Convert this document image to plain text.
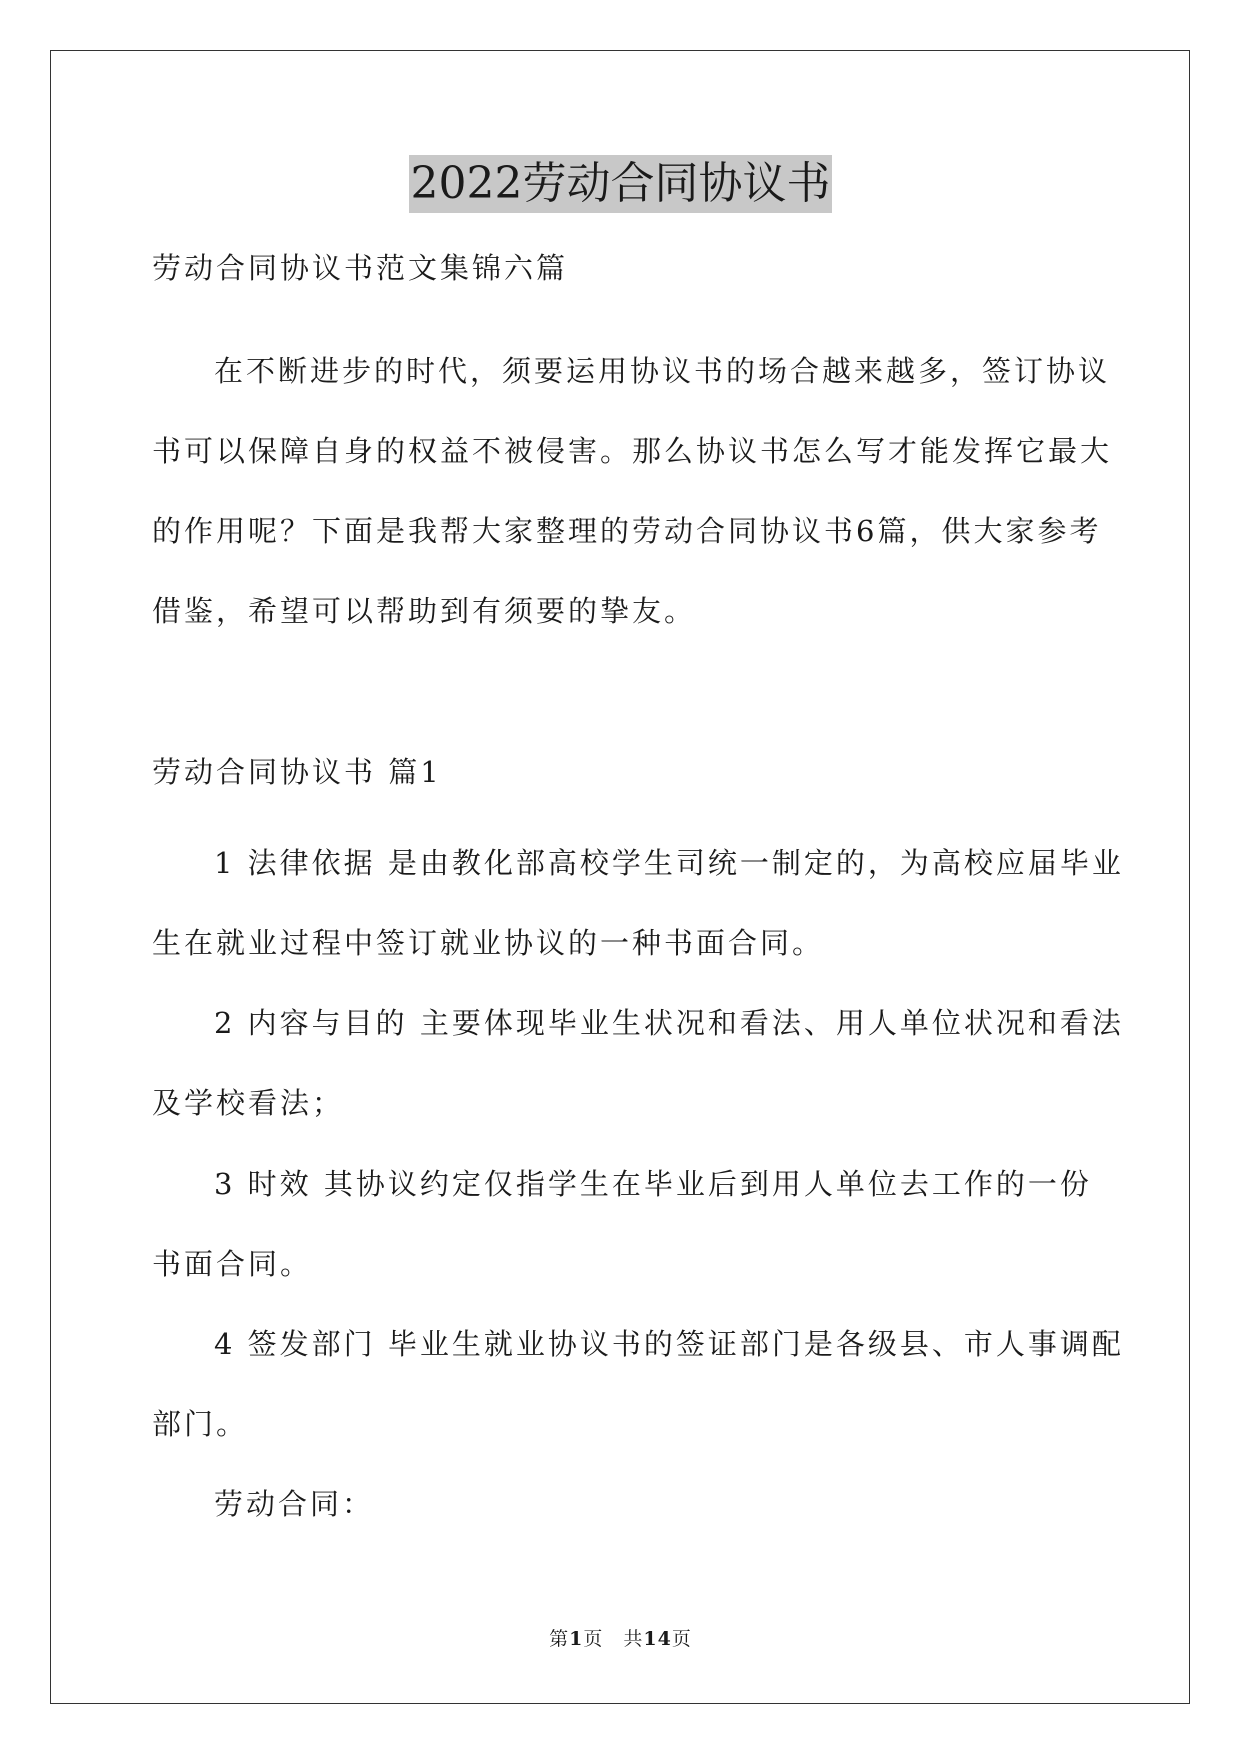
2022劳动合同协议书
劳动合同协议书范文集锦六篇
在不断进步的时代，须要运用协议书的场合越来越多，签订协议
书可以保障自身的权益不被侵害。那么协议书怎么写才能发挥它最大
的作用呢？下面是我帮大家整理的劳动合同协议书6篇，供大家参考
借鉴，希望可以帮助到有须要的挚友。
劳动合同协议书 篇1
1 法律依据 是由教化部高校学生司统一制定的，为高校应届毕业
生在就业过程中签订就业协议的一种书面合同。
2 内容与目的 主要体现毕业生状况和看法、用人单位状况和看法
及学校看法；
3 时效 其协议约定仅指学生在毕业后到用人单位去工作的一份
书面合同。
4 签发部门 毕业生就业协议书的签证部门是各级县、市人事调配
部门。
劳动合同：
第1页　共14页
